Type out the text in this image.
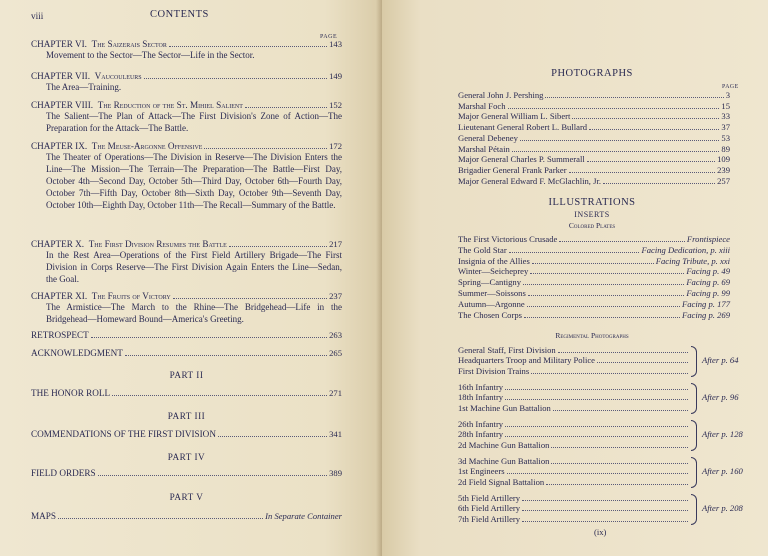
viii	CONTENTS
PAGE
CHAPTER VI.
The Saizerais Sector	143
Movement to the Sector—The Sector—Life in the Sector.
CHAPTER VII.
Vaucouleurs	149
The Area—Training.
CHAPTER VIII.
The Reduction of the St. Mihiel Salient	152
The Salient—The Plan of Attack—The First Division's Zone of Action—The Preparation for the Attack—The Battle.
CHAPTER IX.
The Meuse-Argonne Offensive	172
The Theater of Operations—The Division in Reserve—The Division Enters the Line—The Mission—The Terrain—The Preparation—The Battle—First Day, October 4th—Second Day, October 5th—Third Day, October 6th—Fourth Day, October 7th—Fifth Day, October 8th—Sixth Day, October 9th—Seventh Day, October 10th—Eighth Day, October 11th—The Recall—Summary of the Battle.
CHAPTER X.
The First Division Resumes the Battle	217
In the Rest Area—Operations of the First Field Artillery Brigade—The First Division in Corps Reserve—The First Division Again Enters the Line—Sedan, the Goal.
CHAPTER XI.
The Fruits of Victory	237
The Armistice—The March to the Rhine—The Bridgehead—Life in the Bridgehead—Homeward Bound—America's Greeting.
RETROSPECT	263
ACKNOWLEDGMENT	265
PART II
THE HONOR ROLL	271
PART III
COMMENDATIONS OF THE FIRST DIVISION	341
PART IV
FIELD ORDERS	389
PART V
MAPS	In Separate Container
PHOTOGRAPHS
PAGE
General John J. Pershing	3
Marshal Foch	15
Major General William L. Sibert	33
Lieutenant General Robert L. Bullard	37
General Debeney	53
Marshal Pétain	89
Major General Charles P. Summerall	109
Brigadier General Frank Parker	239
Major General Edward F. McGlachlin, Jr.	257
ILLUSTRATIONS
INSERTS
Colored Plates
The First Victorious Crusade	Frontispiece
The Gold Star	Facing Dedication, p. xiii
Insignia of the Allies	Facing Tribute, p. xxi
Winter—Seicheprey	Facing p. 49
Spring—Cantigny	Facing p. 69
Summer—Soissons	Facing p. 99
Autumn—Argonne	Facing p. 177
The Chosen Corps	Facing p. 269
Regimental Photographs
General Staff, First Division
Headquarters Troop and Military Police
First Division Trains
After p. 64
16th Infantry
18th Infantry
1st Machine Gun Battalion
After p. 96
26th Infantry
28th Infantry
2d Machine Gun Battalion
After p. 128
3d Machine Gun Battalion
1st Engineers
2d Field Signal Battalion
After p. 160
5th Field Artillery
6th Field Artillery
7th Field Artillery
After p. 208
(ix)
